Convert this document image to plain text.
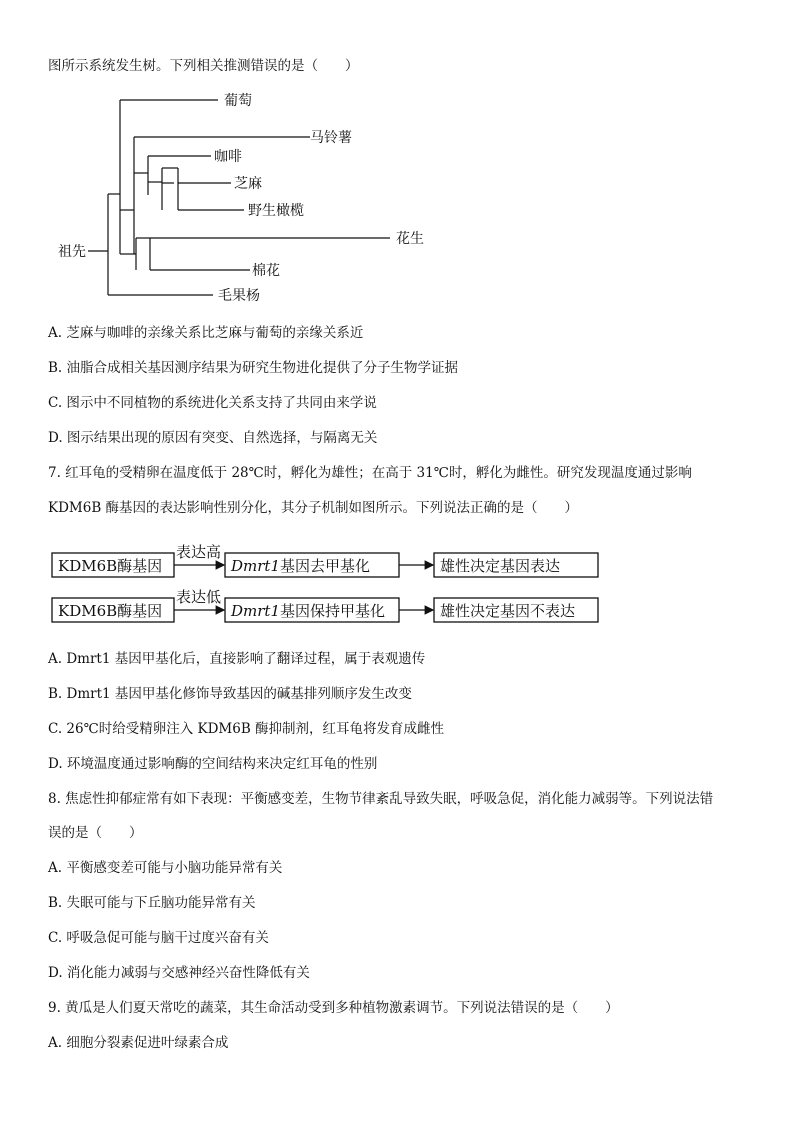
图所示系统发生树。下列相关推测错误的是（　　）
祖先
葡萄
马铃薯
咖啡
芝麻
野生橄榄
花生
棉花
毛果杨
A. 芝麻与咖啡的亲缘关系比芝麻与葡萄的亲缘关系近
B. 油脂合成相关基因测序结果为研究生物进化提供了分子生物学证据
C. 图示中不同植物的系统进化关系支持了共同由来学说
D. 图示结果出现的原因有突变、自然选择，与隔离无关
7. 红耳龟的受精卵在温度低于 28℃时，孵化为雄性；在高于 31℃时，孵化为雌性。研究发现温度通过影响
KDM6B 酶基因的表达影响性别分化，其分子机制如图所示。下列说法正确的是（　　）
KDM6B酶基因
表达高
Dmrt1基因去甲基化	雄性决定基因表达
KDM6B酶基因
表达低
Dmrt1基因保持甲基化	雄性决定基因不表达
A. Dmrt1 基因甲基化后，直接影响了翻译过程，属于表观遗传
B. Dmrt1 基因甲基化修饰导致基因的碱基排列顺序发生改变
C. 26℃时给受精卵注入 KDM6B 酶抑制剂，红耳龟将发育成雌性
D. 环境温度通过影响酶的空间结构来决定红耳龟的性别
8. 焦虑性抑郁症常有如下表现：平衡感变差，生物节律紊乱导致失眠，呼吸急促，消化能力减弱等。下列说法错
误的是（　　）
A. 平衡感变差可能与小脑功能异常有关
B. 失眠可能与下丘脑功能异常有关
C. 呼吸急促可能与脑干过度兴奋有关
D. 消化能力减弱与交感神经兴奋性降低有关
9. 黄瓜是人们夏天常吃的蔬菜，其生命活动受到多种植物激素调节。下列说法错误的是（　　）
A. 细胞分裂素促进叶绿素合成
